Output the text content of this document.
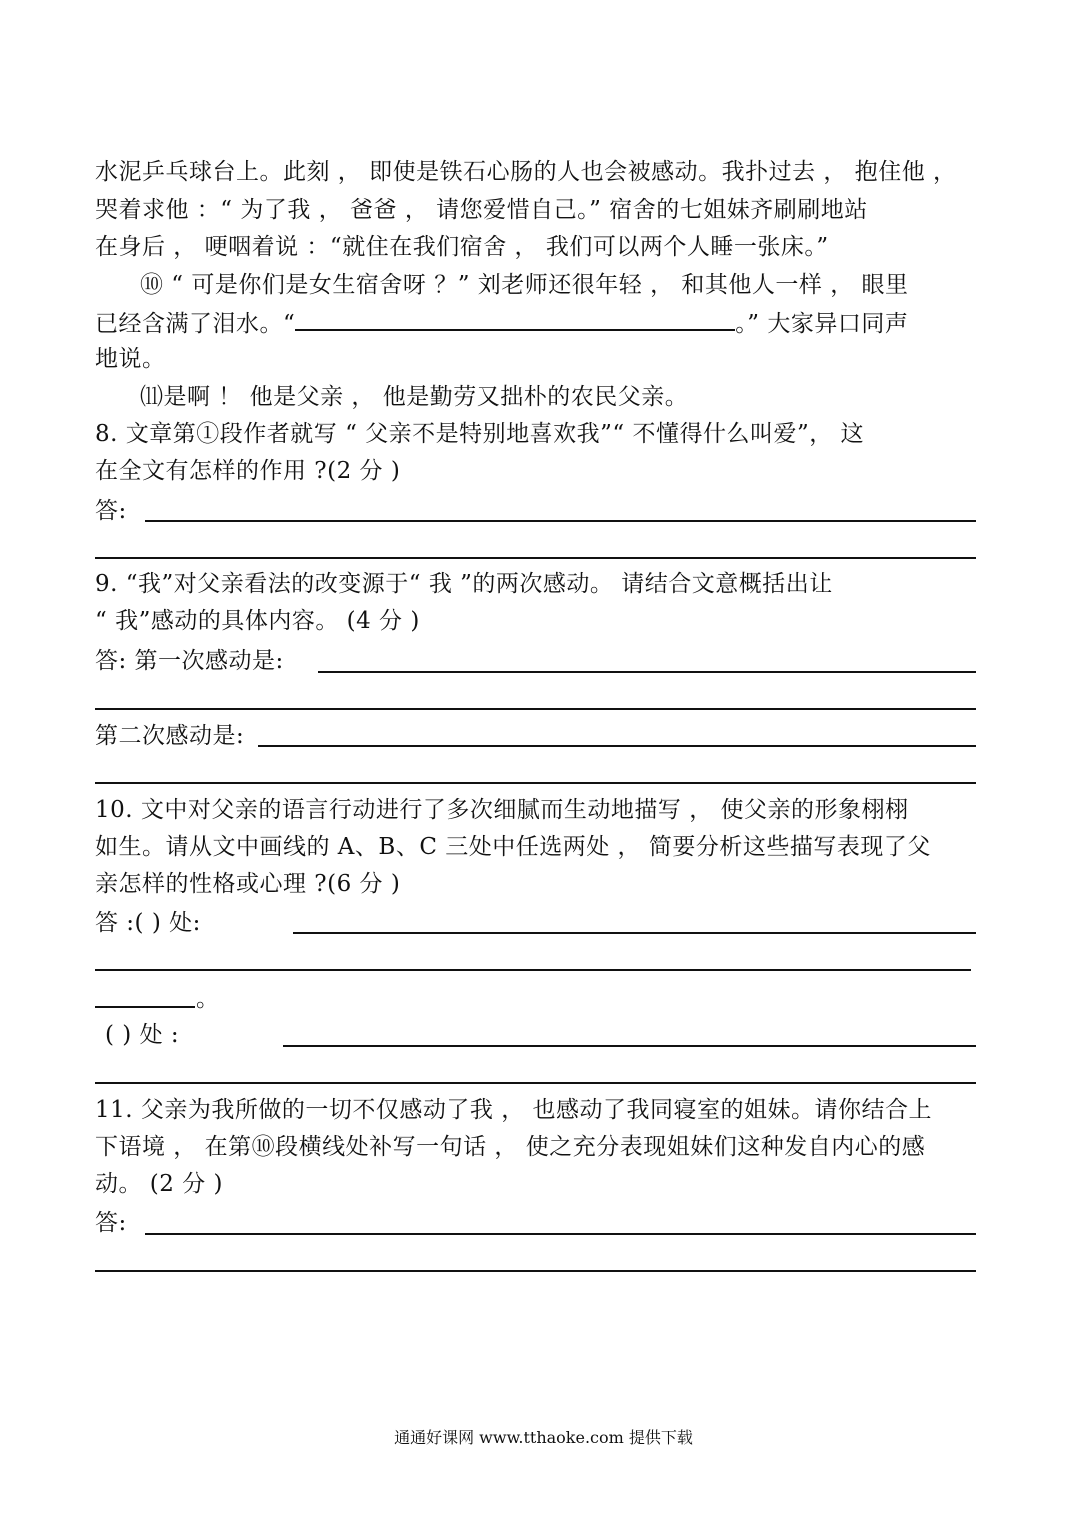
水泥乒乓球台上。此刻 ， 即使是铁石心肠的人也会被感动。我扑过去 ， 抱住他 ，
哭着求他 ：“ 为了我 ， 爸爸 ， 请您爱惜自己。” 宿舍的七姐妹齐刷刷地站
在身后 ， 哽咽着说 ：“就住在我们宿舍 ， 我们可以两个人睡一张床。”
⑩ “ 可是你们是女生宿舍呀 ？” 刘老师还很年轻 ， 和其他人一样 ， 眼里
已经含满了泪水。“	。” 大家异口同声
地说。
⑾是啊 ！ 他是父亲 ， 他是勤劳又拙朴的农民父亲。
8. 文章第①段作者就写 “ 父亲不是特别地喜欢我”“ 不懂得什么叫爱”， 这
在全文有怎样的作用 ?(2 分 )
答:
9. “我”对父亲看法的改变源于“ 我 ”的两次感动。 请结合文意概括出让
“ 我”感动的具体内容。 (4 分 )
答: 第一次感动是:
第二次感动是:
10. 文中对父亲的语言行动进行了多次细腻而生动地描写 ， 使父亲的形象栩栩
如生。请从文中画线的 A、B、C 三处中任选两处 ， 简要分析这些描写表现了父
亲怎样的性格或心理 ?(6 分 )
答 :( ) 处:
。
( ) 处 :
11. 父亲为我所做的一切不仅感动了我 ， 也感动了我同寝室的姐妹。请你结合上
下语境 ， 在第⑩段横线处补写一句话 ， 使之充分表现姐妹们这种发自内心的感
动。 (2 分 )
答:
通通好课网 www.tthaoke.com 提供下载
